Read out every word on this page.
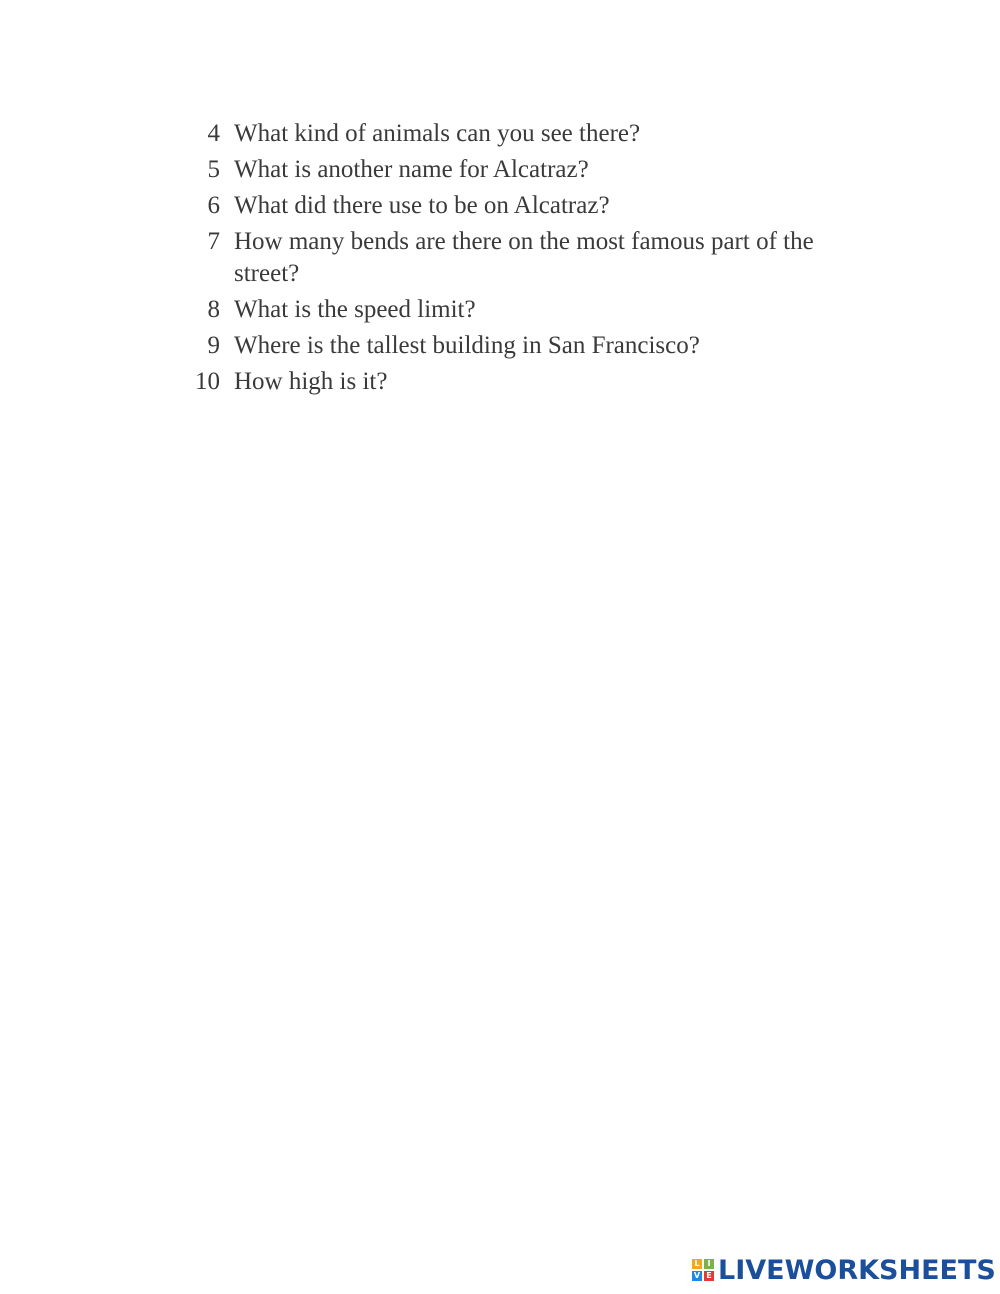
4 What kind of animals can you see there?
5 What is another name for Alcatraz?
6 What did there use to be on Alcatraz?
7 How many bends are there on the most famous part of the street?
8 What is the speed limit?
9 Where is the tallest building in San Francisco?
10 How high is it?
L I
V E LIVEWORKSHEETS
